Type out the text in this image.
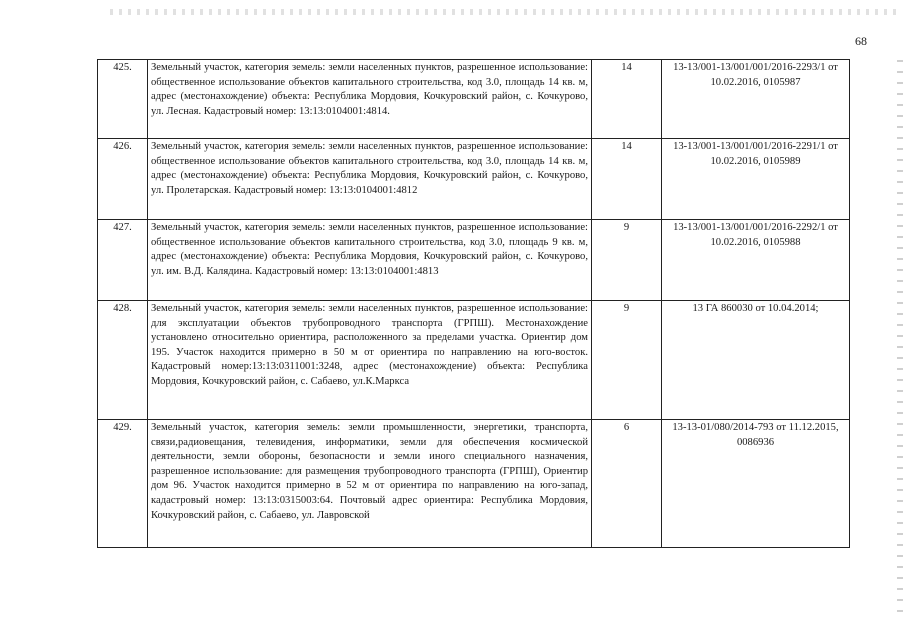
68
425.	Земельный участок, категория земель: земли населенных пунктов, разрешенное использование: общественное использование объектов капитального строительства, код 3.0, площадь 14 кв. м, адрес (местонахождение) объекта: Республика Мордовия, Кочкуровский район, с. Кочкурово, ул. Лесная. Кадастровый номер: 13:13:0104001:4814.	14	13-13/001-13/001/001/2016-2293/1 от 10.02.2016, 0105987
426.	Земельный участок, категория земель: земли населенных пунктов, разрешенное использование: общественное использование объектов капитального строительства, код 3.0, площадь 14 кв. м, адрес (местонахождение) объекта: Республика Мордовия, Кочкуровский район, с. Кочкурово, ул. Пролетарская. Кадастровый номер: 13:13:0104001:4812	14	13-13/001-13/001/001/2016-2291/1 от 10.02.2016, 0105989
427.	Земельный участок, категория земель: земли населенных пунктов, разрешенное использование: общественное использование объектов капитального строительства, код 3.0, площадь 9 кв. м, адрес (местонахождение) объекта: Республика Мордовия, Кочкуровский район, с. Кочкурово, ул. им. В.Д. Калядина. Кадастровый номер: 13:13:0104001:4813	9	13-13/001-13/001/001/2016-2292/1 от 10.02.2016, 0105988
428.	Земельный участок, категория земель: земли населенных пунктов, разрешенное использование: для эксплуатации объектов трубопроводного транспорта (ГРПШ). Местонахождение установлено относительно ориентира, расположенного за пределами участка. Ориентир дом 195. Участок находится примерно в 50 м от ориентира по направлению на юго-восток. Кадастровый номер:13:13:0311001:3248, адрес (местонахождение) объекта: Республика Мордовия, Кочкуровский район, с. Сабаево, ул.К.Маркса	9	13 ГА 860030 от 10.04.2014;
429.	Земельный участок, категория земель: земли промышленности, энергетики, транспорта, связи,радиовещания, телевидения, информатики, земли для обеспечения космической деятельности, земли обороны, безопасности и земли иного специального назначения, разрешенное использование: для размещения трубопроводного транспорта (ГРПШ), Ориентир дом 96. Участок находится примерно в 52 м от ориентира по направлению на юго-запад, кадастровый номер: 13:13:0315003:64. Почтовый адрес ориентира: Республика Мордовия, Кочкуровский район, с. Сабаево, ул. Лавровской	6	13-13-01/080/2014-793 от 11.12.2015, 0086936
